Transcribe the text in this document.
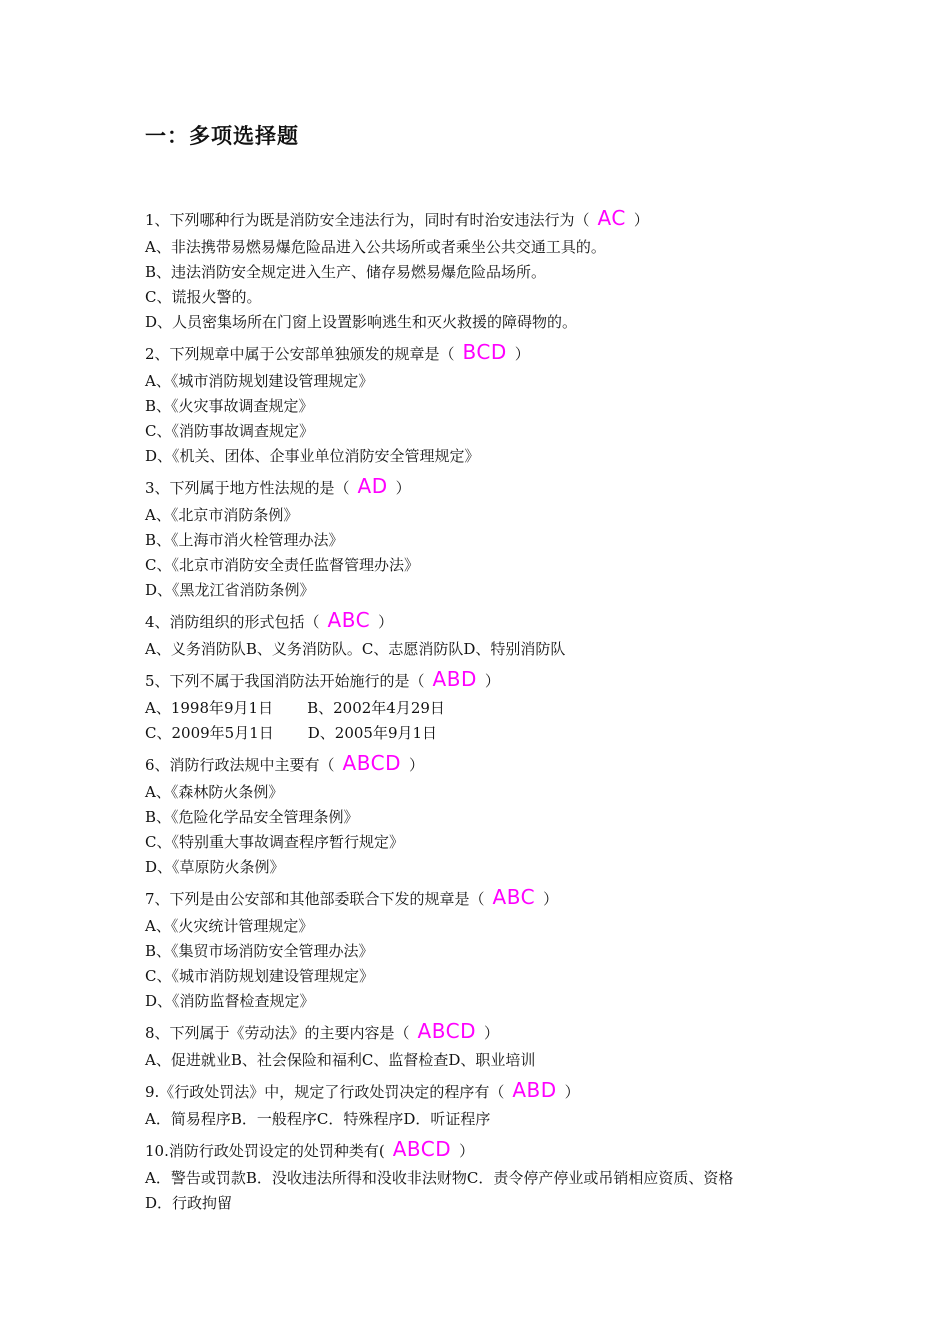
一：多项选择题
1、下列哪种行为既是消防安全违法行为，同时有时治安违法行为（ AC ）
A、非法携带易燃易爆危险品进入公共场所或者乘坐公共交通工具的。
B、违法消防安全规定进入生产、储存易燃易爆危险品场所。
C、谎报火警的。
D、人员密集场所在门窗上设置影响逃生和灭火救援的障碍物的。
2、下列规章中属于公安部单独颁发的规章是（ BCD ）
A、《城市消防规划建设管理规定》
B、《火灾事故调查规定》
C、《消防事故调查规定》
D、《机关、团体、企事业单位消防安全管理规定》
3、下列属于地方性法规的是（ AD ）
A、《北京市消防条例》
B、《上海市消火栓管理办法》
C、《北京市消防安全责任监督管理办法》
D、《黑龙江省消防条例》
4、消防组织的形式包括（ ABC ）
A、义务消防队B、义务消防队。C、志愿消防队D、特别消防队
5、下列不属于我国消防法开始施行的是（ ABD ）
A、1998年9月1日 B、2002年4月29日
C、2009年5月1日 D、2005年9月1日
6、消防行政法规中主要有（ ABCD ）
A、《森林防火条例》
B、《危险化学品安全管理条例》
C、《特别重大事故调查程序暂行规定》
D、《草原防火条例》
7、下列是由公安部和其他部委联合下发的规章是（ ABC ）
A、《火灾统计管理规定》
B、《集贸市场消防安全管理办法》
C、《城市消防规划建设管理规定》
D、《消防监督检查规定》
8、下列属于《劳动法》的主要内容是（ ABCD ）
A、促进就业B、社会保险和福利C、监督检查D、职业培训
9.《行政处罚法》中，规定了行政处罚决定的程序有（ ABD ）
A．简易程序B．一般程序C．特殊程序D．听证程序
10.消防行政处罚设定的处罚种类有( ABCD ）
A．警告或罚款B．没收违法所得和没收非法财物C．责令停产停业或吊销相应资质、资格
D．行政拘留
